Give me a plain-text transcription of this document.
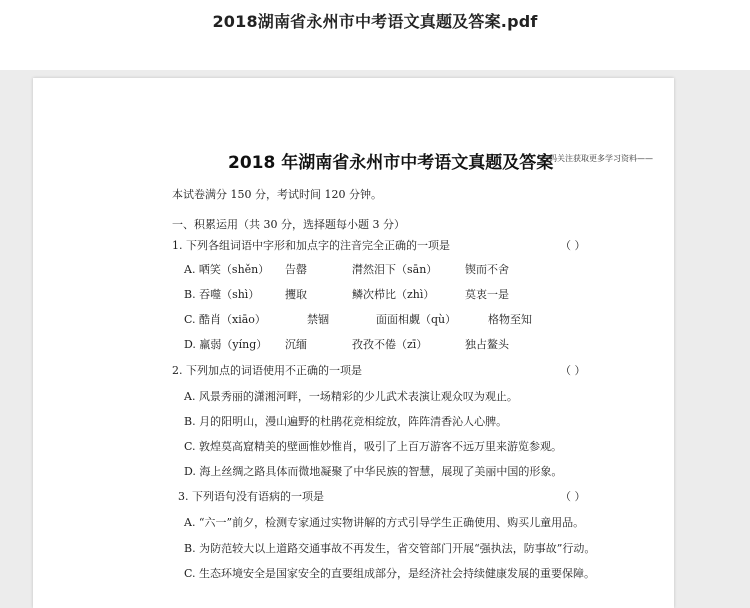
2018湖南省永州市中考语文真题及答案.pdf
2018 年湖南省永州市中考语文真题及答案
扫码关注获取更多学习资料——
本试卷满分 150 分，考试时间 120 分钟。
一、积累运用（共 30 分，选择题每小题 3 分）
1. 下列各组词语中字形和加点字的注音完全正确的一项是	（ ）
A. 哂笑（shěn） 告罄	潸然泪下（sān）	锲而不舍
B. 吞噬（shì） 攫取	鳞次栉比（zhì）	莫衷一是
C. 酷肖（xiāo）	禁锢	面面相觑（qù）	格物至知
D. 羸弱（yíng） 沉缅	孜孜不倦（zī）	独占鳌头
2. 下列加点的词语使用不正确的一项是	（ ）
A. 风景秀丽的潇湘河畔，一场精彩的少儿武术表演让观众叹为观止。
B. 月的阳明山，漫山遍野的杜鹃花竞相绽放，阵阵清香沁人心脾。
C. 敦煌莫高窟精美的壁画惟妙惟肖，吸引了上百万游客不远万里来游览参观。
D. 海上丝绸之路具体而微地凝聚了中华民族的智慧，展现了美丽中国的形象。
3. 下列语句没有语病的一项是	（ ）
A. “六一”前夕，检测专家通过实物讲解的方式引导学生正确使用、购买儿童用品。
B. 为防范较大以上道路交通事故不再发生，省交管部门开展“强执法，防事故”行动。
C. 生态环境安全是国家安全的直要组成部分，是经济社会持续健康发展的重要保障。
